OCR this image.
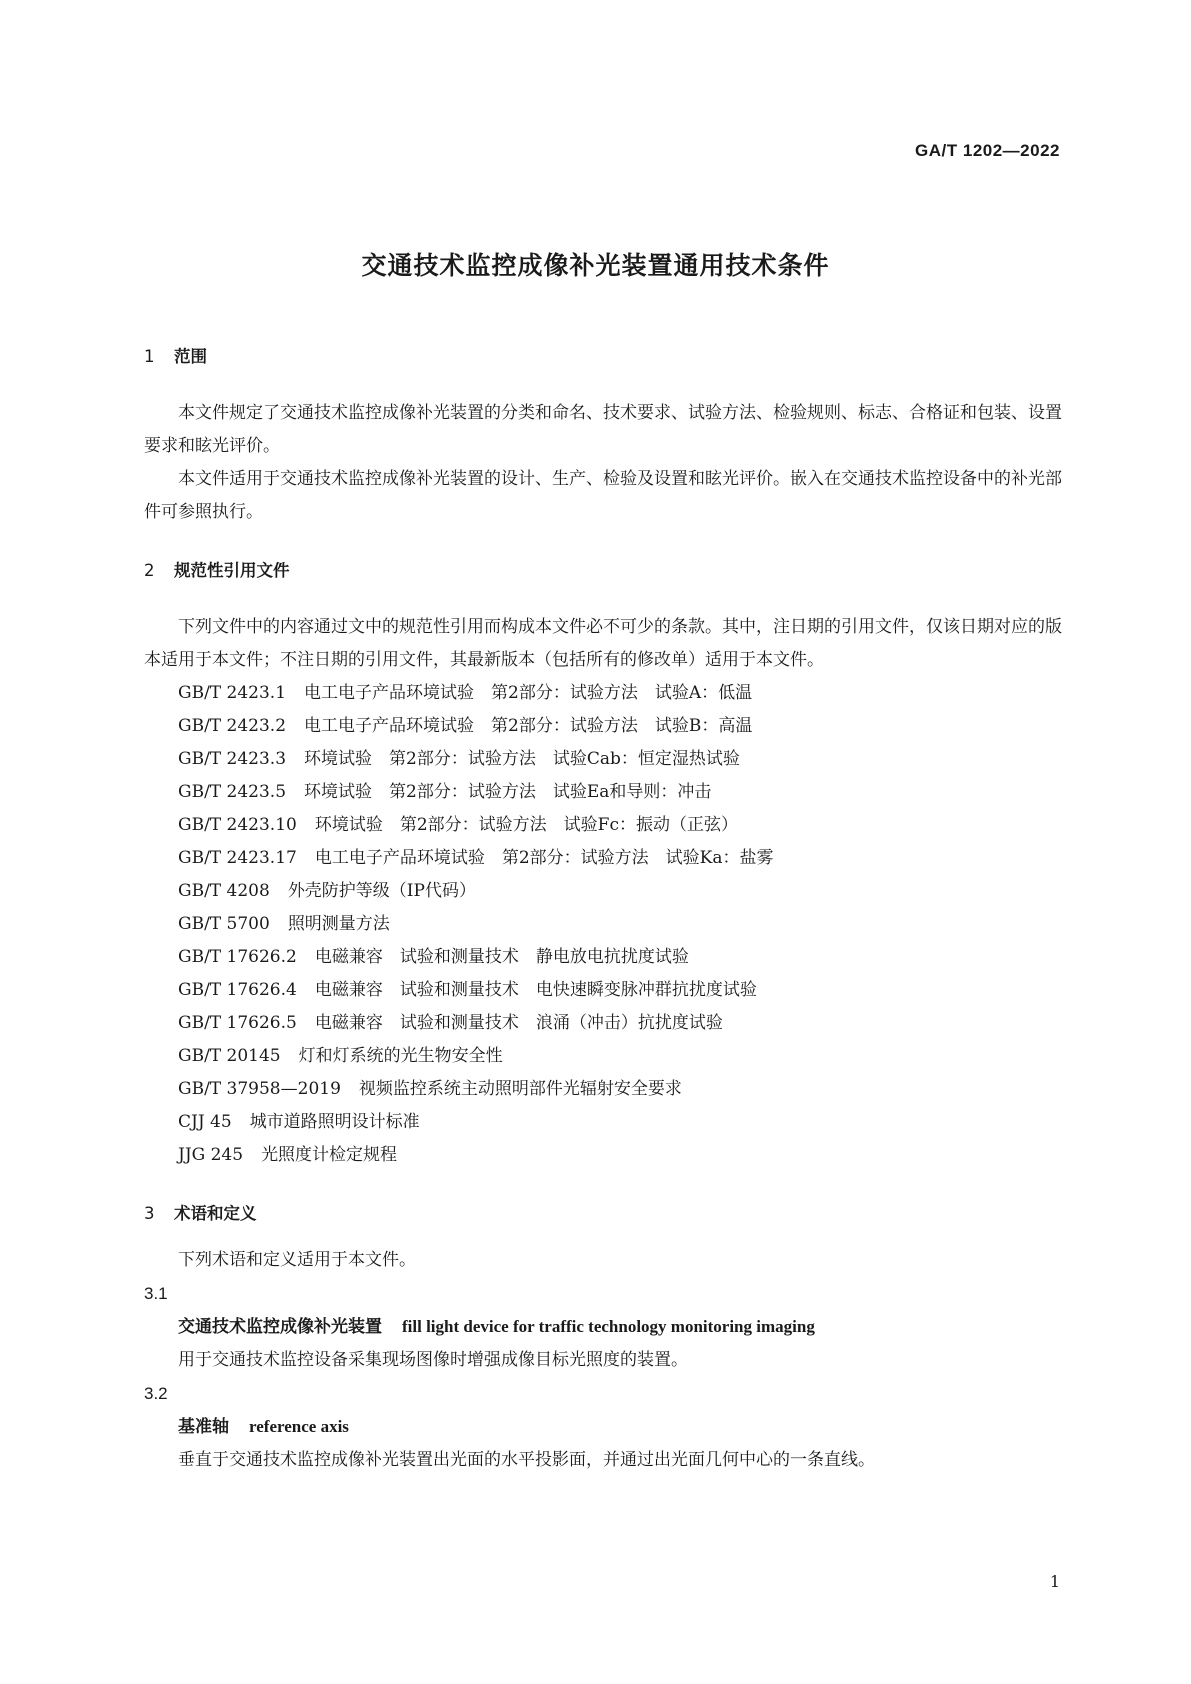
GA/T 1202—2022
交通技术监控成像补光装置通用技术条件
1 范围

本文件规定了交通技术监控成像补光装置的分类和命名、技术要求、试验方法、检验规则、标志、合格证和包装、设置要求和眩光评价。

本文件适用于交通技术监控成像补光装置的设计、生产、检验及设置和眩光评价。嵌入在交通技术监控设备中的补光部件可参照执行。

2 规范性引用文件

下列文件中的内容通过文中的规范性引用而构成本文件必不可少的条款。其中，注日期的引用文件，仅该日期对应的版本适用于本文件；不注日期的引用文件，其最新版本（包括所有的修改单）适用于本文件。

GB/T 2423.1 电工电子产品环境试验　第2部分：试验方法　试验A：低温
GB/T 2423.2 电工电子产品环境试验　第2部分：试验方法　试验B：高温
GB/T 2423.3 环境试验　第2部分：试验方法　试验Cab：恒定湿热试验
GB/T 2423.5 环境试验　第2部分：试验方法　试验Ea和导则：冲击
GB/T 2423.10 环境试验　第2部分：试验方法　试验Fc：振动（正弦）
GB/T 2423.17 电工电子产品环境试验　第2部分：试验方法　试验Ka：盐雾
GB/T 4208 外壳防护等级（IP代码）
GB/T 5700 照明测量方法
GB/T 17626.2 电磁兼容　试验和测量技术　静电放电抗扰度试验
GB/T 17626.4 电磁兼容　试验和测量技术　电快速瞬变脉冲群抗扰度试验
GB/T 17626.5 电磁兼容　试验和测量技术　浪涌（冲击）抗扰度试验
GB/T 20145 灯和灯系统的光生物安全性
GB/T 37958—2019 视频监控系统主动照明部件光辐射安全要求
CJJ 45 城市道路照明设计标准
JJG 245 光照度计检定规程
3 术语和定义

下列术语和定义适用于本文件。

3.1

交通技术监控成像补光装置 fill light device for traffic technology monitoring imaging

用于交通技术监控设备采集现场图像时增强成像目标光照度的装置。

3.2

基准轴 reference axis

垂直于交通技术监控成像补光装置出光面的水平投影面，并通过出光面几何中心的一条直线。

1
